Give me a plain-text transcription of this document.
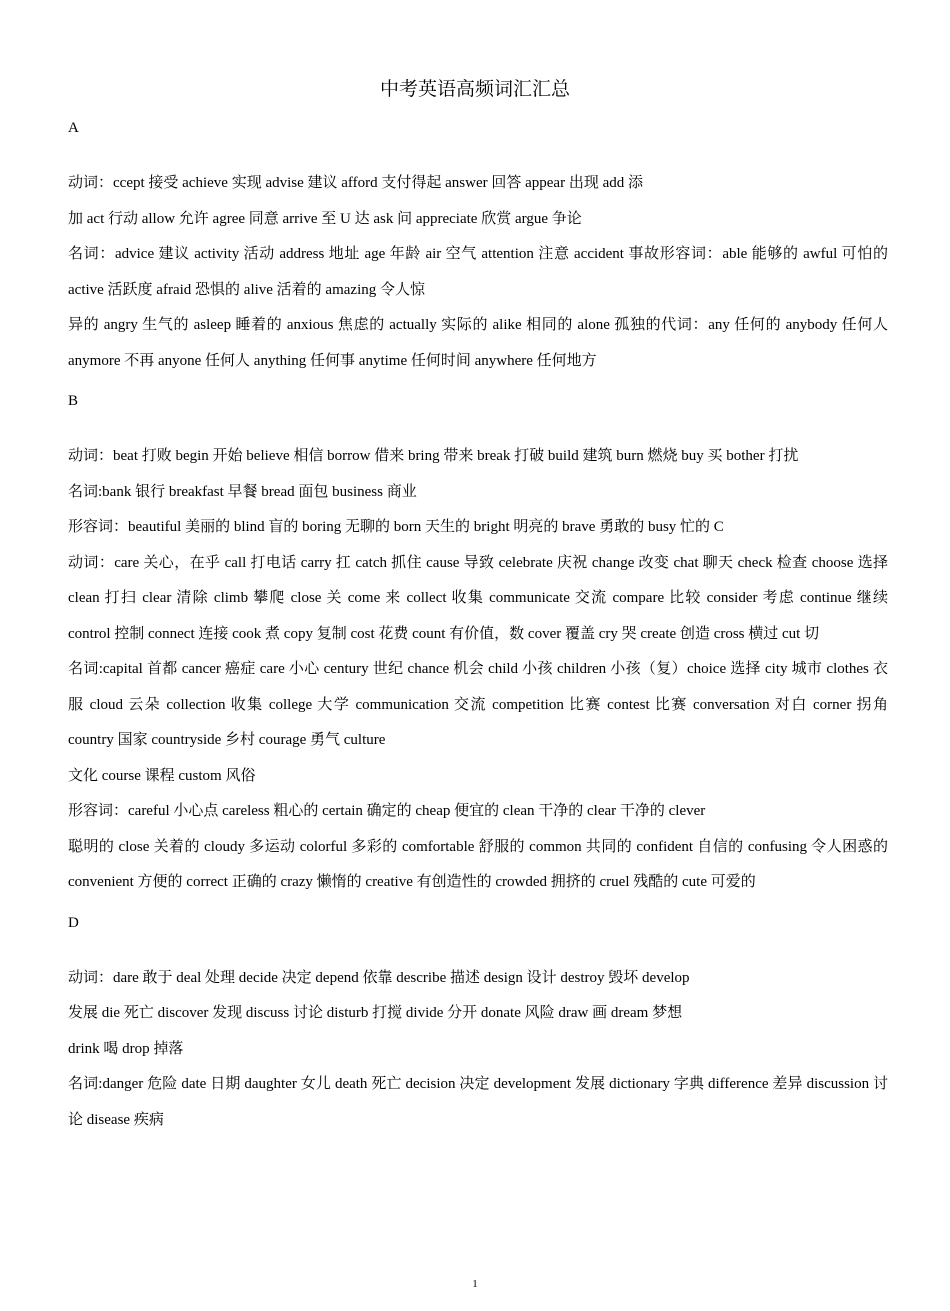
中考英语高频词汇汇总

A

动词：ccept 接受 achieve 实现 advise 建议 afford 支付得起 answer 回答 appear 出现 add 添

加 act 行动 allow 允许 agree 同意 arrive 至 U 达 ask 问 appreciate 欣赏 argue 争论

名词：advice 建议 activity 活动 address 地址 age 年龄 air 空气 attention 注意 accident 事故形容词：able 能够的 awful 可怕的 active 活跃度 afraid 恐惧的 alive 活着的 amazing 令人惊

异的 angry 生气的 asleep 睡着的 anxious 焦虑的 actually 实际的 alike 相同的 alone 孤独的代词：any 任何的 anybody 任何人 anymore 不再 anyone 任何人 anything 任何事 anytime 任何时间 anywhere 任何地方

B

动词：beat 打败 begin 开始 believe 相信 borrow 借来 bring 带来 break 打破 build 建筑 burn 燃烧 buy 买 bother 打扰

名词:bank 银行 breakfast 早餐 bread 面包 business 商业

形容词：beautiful 美丽的 blind 盲的 boring 无聊的 born 天生的 bright 明亮的 brave 勇敢的 busy 忙的 C

动词：care 关心，在乎 call 打电话 carry 扛 catch 抓住 cause 导致 celebrate 庆祝 change 改变 chat 聊天 check 检查 choose 选择 clean 打扫 clear 清除 climb 攀爬 close 关 come 来 collect 收集 communicate 交流 compare 比较 consider 考虑 continue 继续 control 控制 connect 连接 cook 煮 copy 复制 cost 花费 count 有价值，数 cover 覆盖 cry 哭 create 创造 cross 横过 cut 切

名词:capital 首都 cancer 癌症 care 小心 century 世纪 chance 机会 child 小孩 children 小孩（复）choice 选择 city 城市 clothes 衣服 cloud 云朵 collection 收集 college 大学 communication 交流 competition 比赛 contest 比赛 conversation 对白 corner 拐角 country 国家 countryside 乡村 courage 勇气 culture

文化 course 课程 custom 风俗

形容词：careful 小心点 careless 粗心的 certain 确定的 cheap 便宜的 clean 干净的 clear 干净的 clever

聪明的 close 关着的 cloudy 多运动 colorful 多彩的 comfortable 舒服的 common 共同的 confident 自信的 confusing 令人困惑的 convenient 方便的 correct 正确的 crazy 懒惰的 creative 有创造性的 crowded 拥挤的 cruel 残酷的 cute 可爱的

D

动词：dare 敢于 deal 处理 decide 决定 depend 依靠 describe 描述 design 设计 destroy 毁坏 develop

发展 die 死亡 discover 发现 discuss 讨论 disturb 打搅 divide 分开 donate 风险 draw 画 dream 梦想

drink 喝 drop 掉落

名词:danger 危险 date 日期 daughter 女儿 death 死亡 decision 决定 development 发展 dictionary 字典 difference 差异 discussion 讨论 disease 疾病

1
